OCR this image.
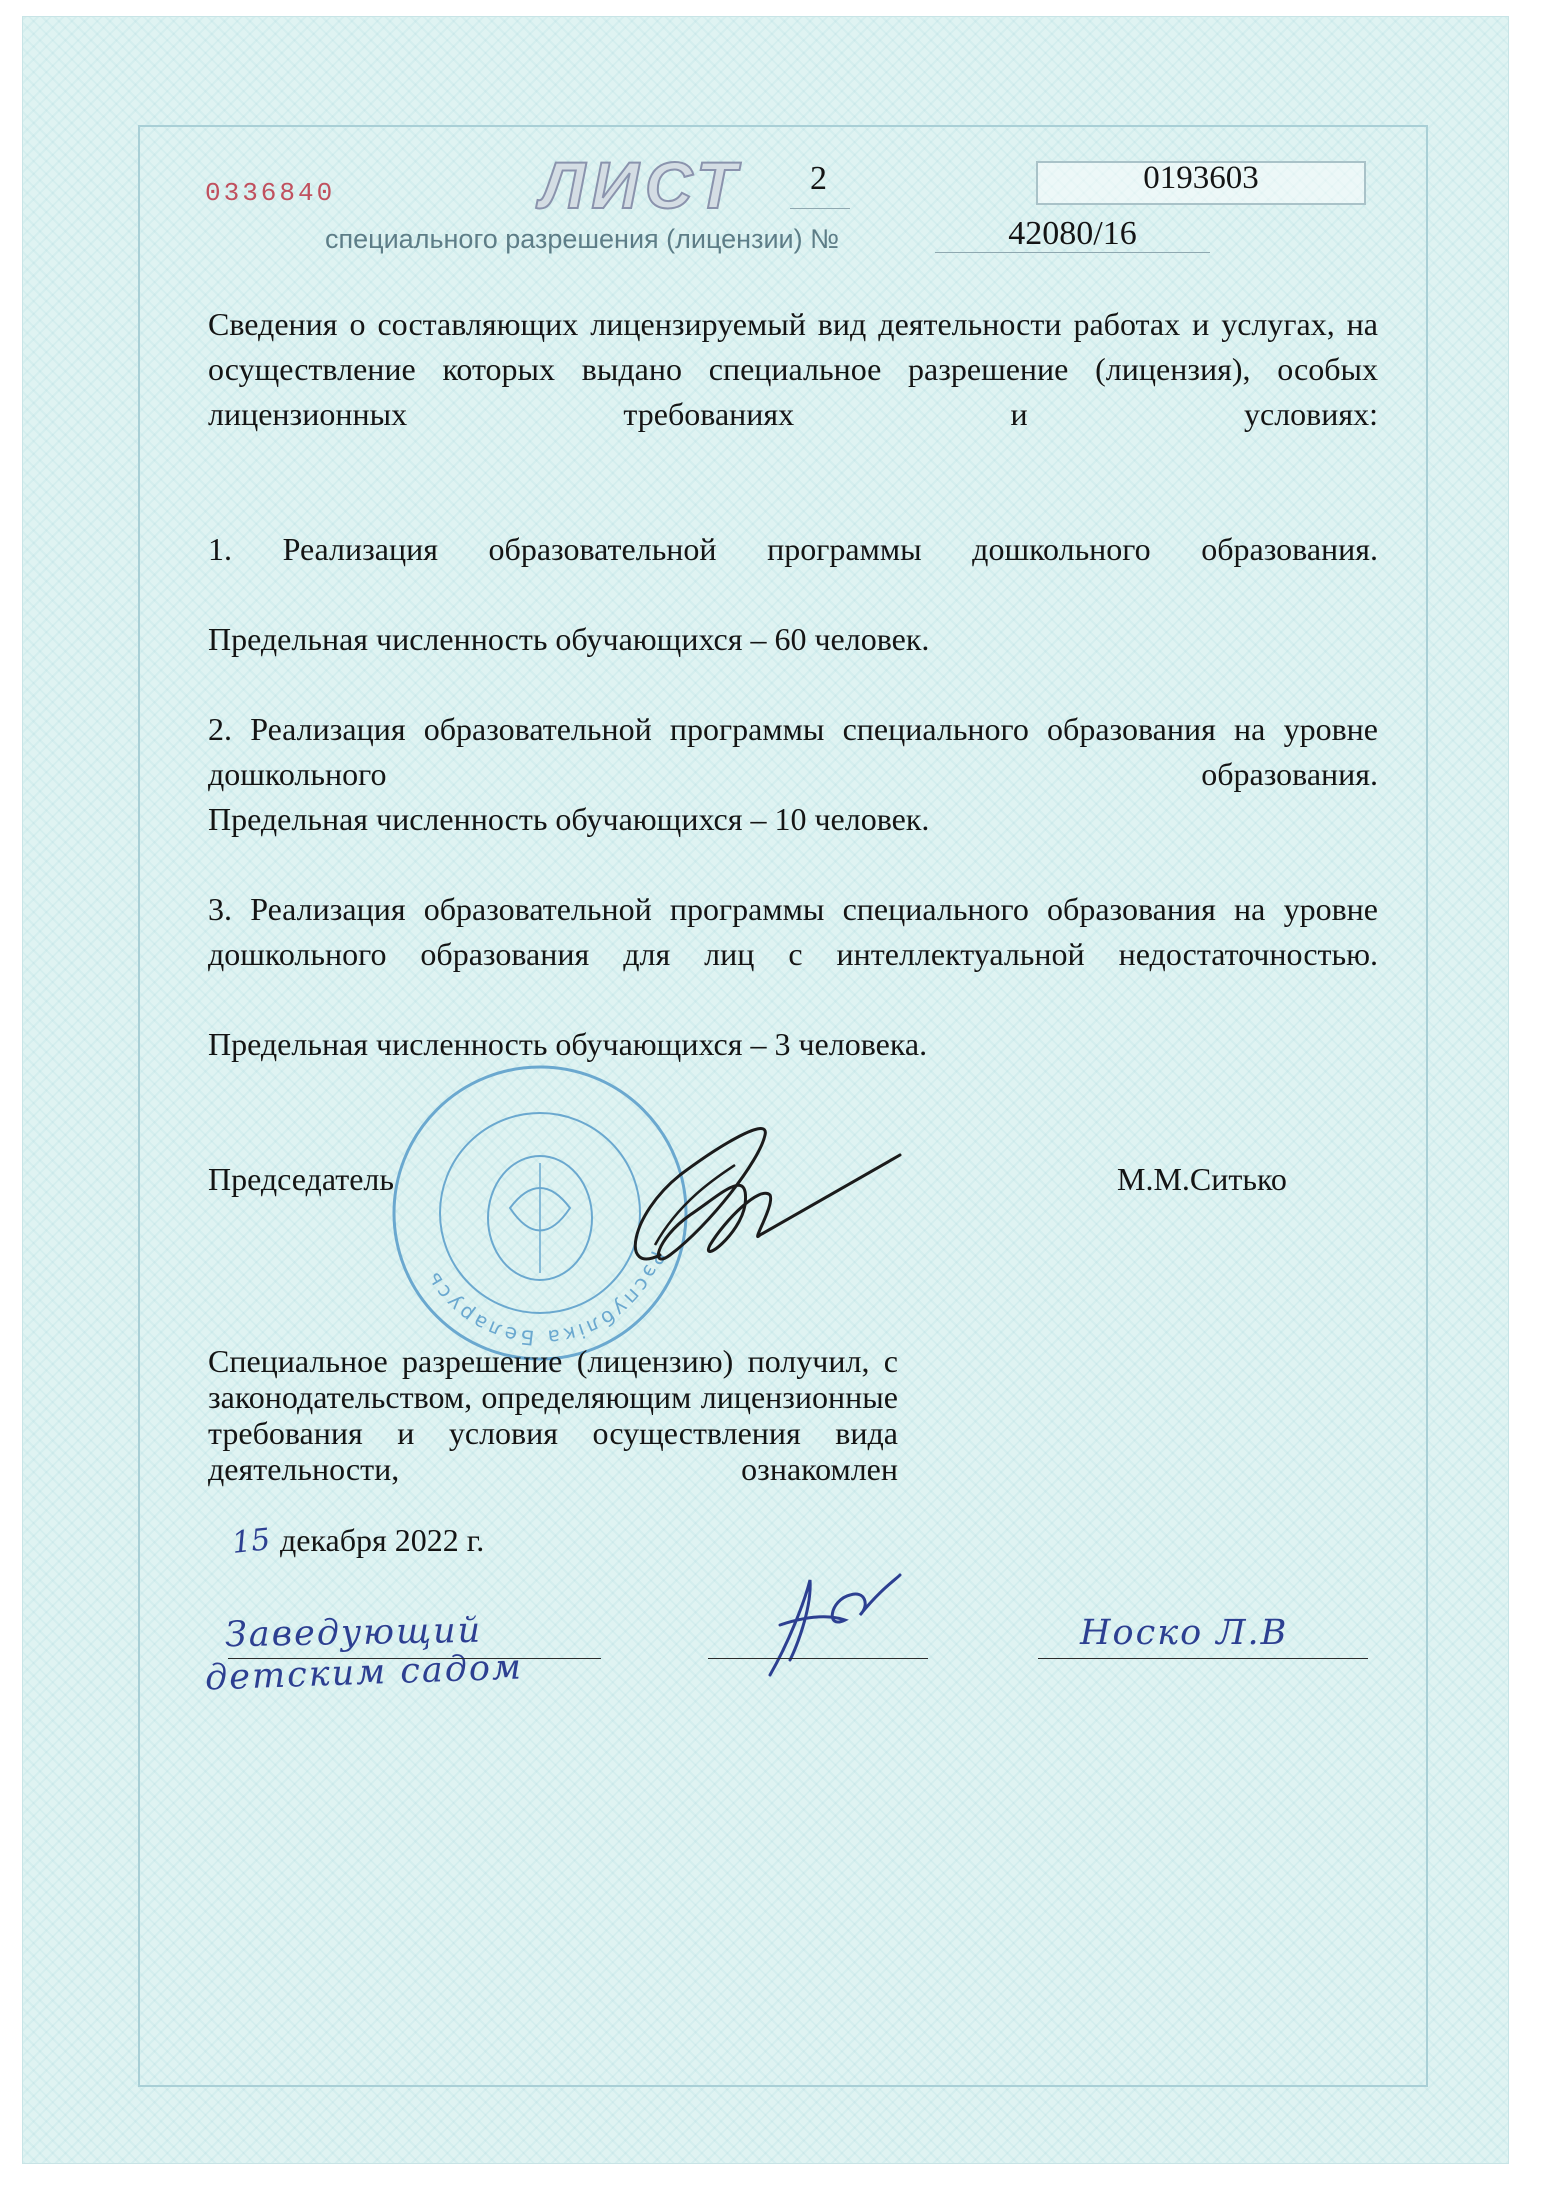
0336840	ЛИСТ 2	0193603
специального разрешения (лицензии) №	42080/16
Сведения о составляющих лицензируемый вид деятельности работах и услугах, на осуществление которых выдано специальное разрешение (лицензия), особых лицензионных требованиях и условиях:
1. Реализация образовательной программы дошкольного образования.
Предельная численность обучающихся – 60 человек.
2. Реализация образовательной программы специального образования на уровне дошкольного образования.
Предельная численность обучающихся – 10 человек.
3. Реализация образовательной программы специального образования на уровне дошкольного образования для лиц с интеллектуальной недостаточностью.
Предельная численность обучающихся – 3 человека.
Рэспубліка Беларусь
Председатель	М.М.Ситько
Специальное разрешение (лицензию) получил, с законодательством, определяющим лицензионные требования и условия осуществления вида деятельности, ознакомлен
15 декабря 2022 г.
Заведующий
детским садом
Носко Л.В
